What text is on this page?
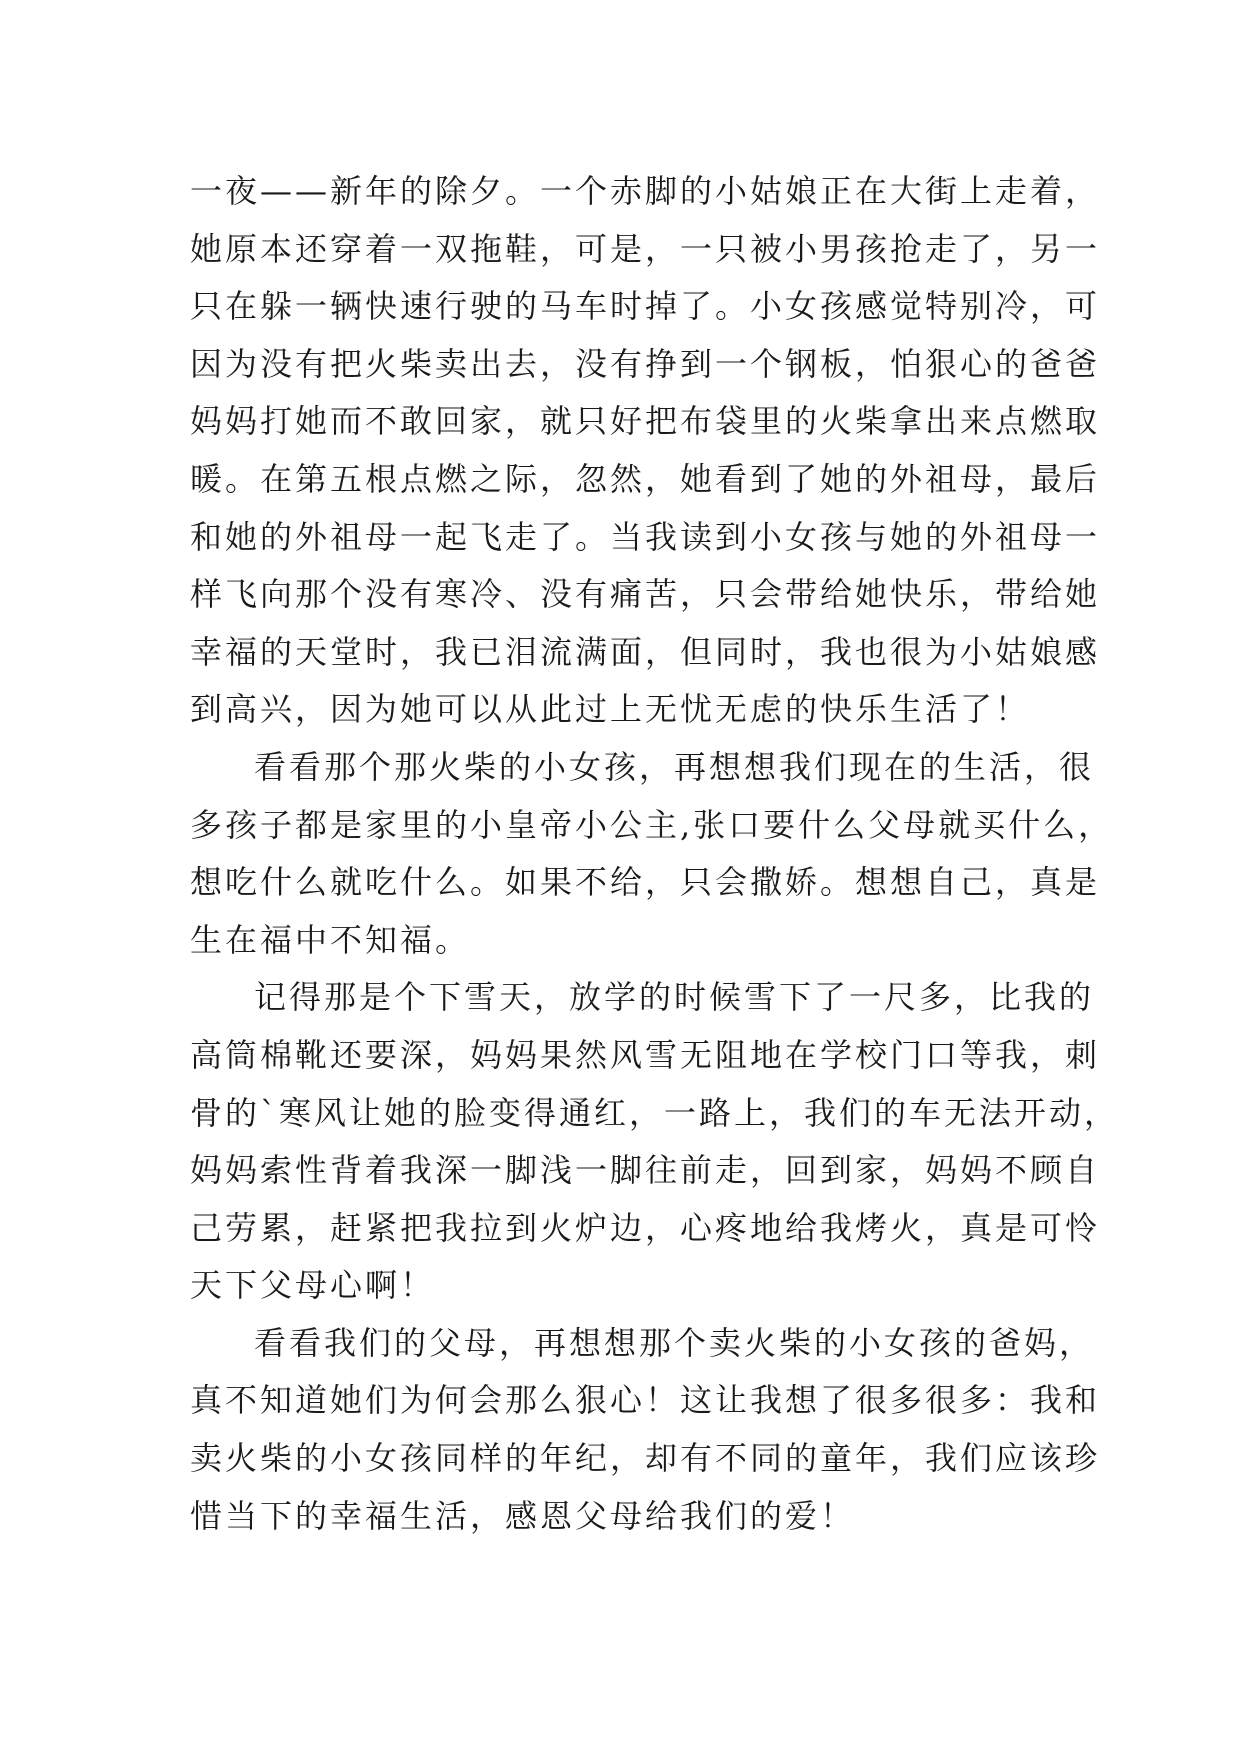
一夜——新年的除夕。一个赤脚的小姑娘正在大街上走着，
她原本还穿着一双拖鞋，可是，一只被小男孩抢走了，另一
只在躲一辆快速行驶的马车时掉了。小女孩感觉特别冷，可
因为没有把火柴卖出去，没有挣到一个钢板，怕狠心的爸爸
妈妈打她而不敢回家，就只好把布袋里的火柴拿出来点燃取
暖。在第五根点燃之际，忽然，她看到了她的外祖母，最后
和她的外祖母一起飞走了。当我读到小女孩与她的外祖母一
样飞向那个没有寒冷、没有痛苦，只会带给她快乐，带给她
幸福的天堂时，我已泪流满面，但同时，我也很为小姑娘感
到高兴，因为她可以从此过上无忧无虑的快乐生活了！

看看那个那火柴的小女孩，再想想我们现在的生活，很
多孩子都是家里的小皇帝小公主,张口要什么父母就买什么，
想吃什么就吃什么。如果不给，只会撒娇。想想自己，真是
生在福中不知福。

记得那是个下雪天，放学的时候雪下了一尺多，比我的
高筒棉靴还要深，妈妈果然风雪无阻地在学校门口等我，刺
骨的`寒风让她的脸变得通红，一路上，我们的车无法开动，
妈妈索性背着我深一脚浅一脚往前走，回到家，妈妈不顾自
己劳累，赶紧把我拉到火炉边，心疼地给我烤火，真是可怜
天下父母心啊！

看看我们的父母，再想想那个卖火柴的小女孩的爸妈，
真不知道她们为何会那么狠心！这让我想了很多很多：我和
卖火柴的小女孩同样的年纪，却有不同的童年，我们应该珍
惜当下的幸福生活，感恩父母给我们的爱！
